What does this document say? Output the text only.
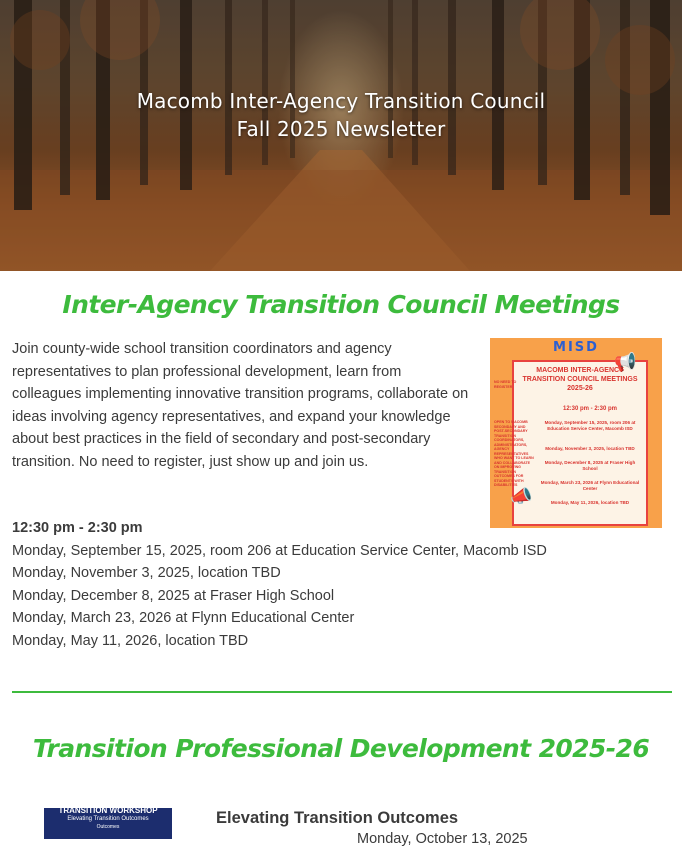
Macomb Inter-Agency Transition Council
Fall 2025 Newsletter
Inter-Agency Transition Council Meetings
Join county-wide school transition coordinators and agency representatives to plan professional development, learn from colleagues implementing innovative transition programs, collaborate on ideas involving agency representatives, and expand your knowledge about best practices in the field of secondary and post-secondary transition. No need to register, just show up and join us.
12:30 pm - 2:30 pm
Monday, September 15, 2025, room 206 at Education Service Center, Macomb ISD
Monday, November 3, 2025, location TBD
Monday, December 8, 2025 at Fraser High School
Monday, March 23, 2026 at Flynn Educational Center
Monday, May 11, 2026, location TBD
MISD
MACOMB INTER-AGENCY TRANSITION COUNCIL MEETINGS 2025-26
12:30 pm - 2:30 pm
NO NEED TO REGISTER
OPEN TO MACOMB SECONDARY AND POST-SECONDARY TRANSITION COORDINATORS, ADMINISTRATORS, AGENCY REPRESENTATIVES WHO WANT TO LEARN AND COLLABORATE ON IMPROVING TRANSITION OUTCOMES FOR STUDENTS WITH DISABILITIES
Monday, September 15, 2025, room 206 at Education Service Center, Macomb ISD
Monday, November 3, 2025, location TBD
Monday, December 8, 2025 at Fraser High School
Monday, March 23, 2026 at Flynn Educational Center
Monday, May 11, 2026, location TBD
📢
📣
Transition Professional Development 2025-26
TRANSITION WORKSHOP
Elevating Transition Outcomes
Outcomes	Elevating Transition Outcomes
Monday, October 13, 2025
